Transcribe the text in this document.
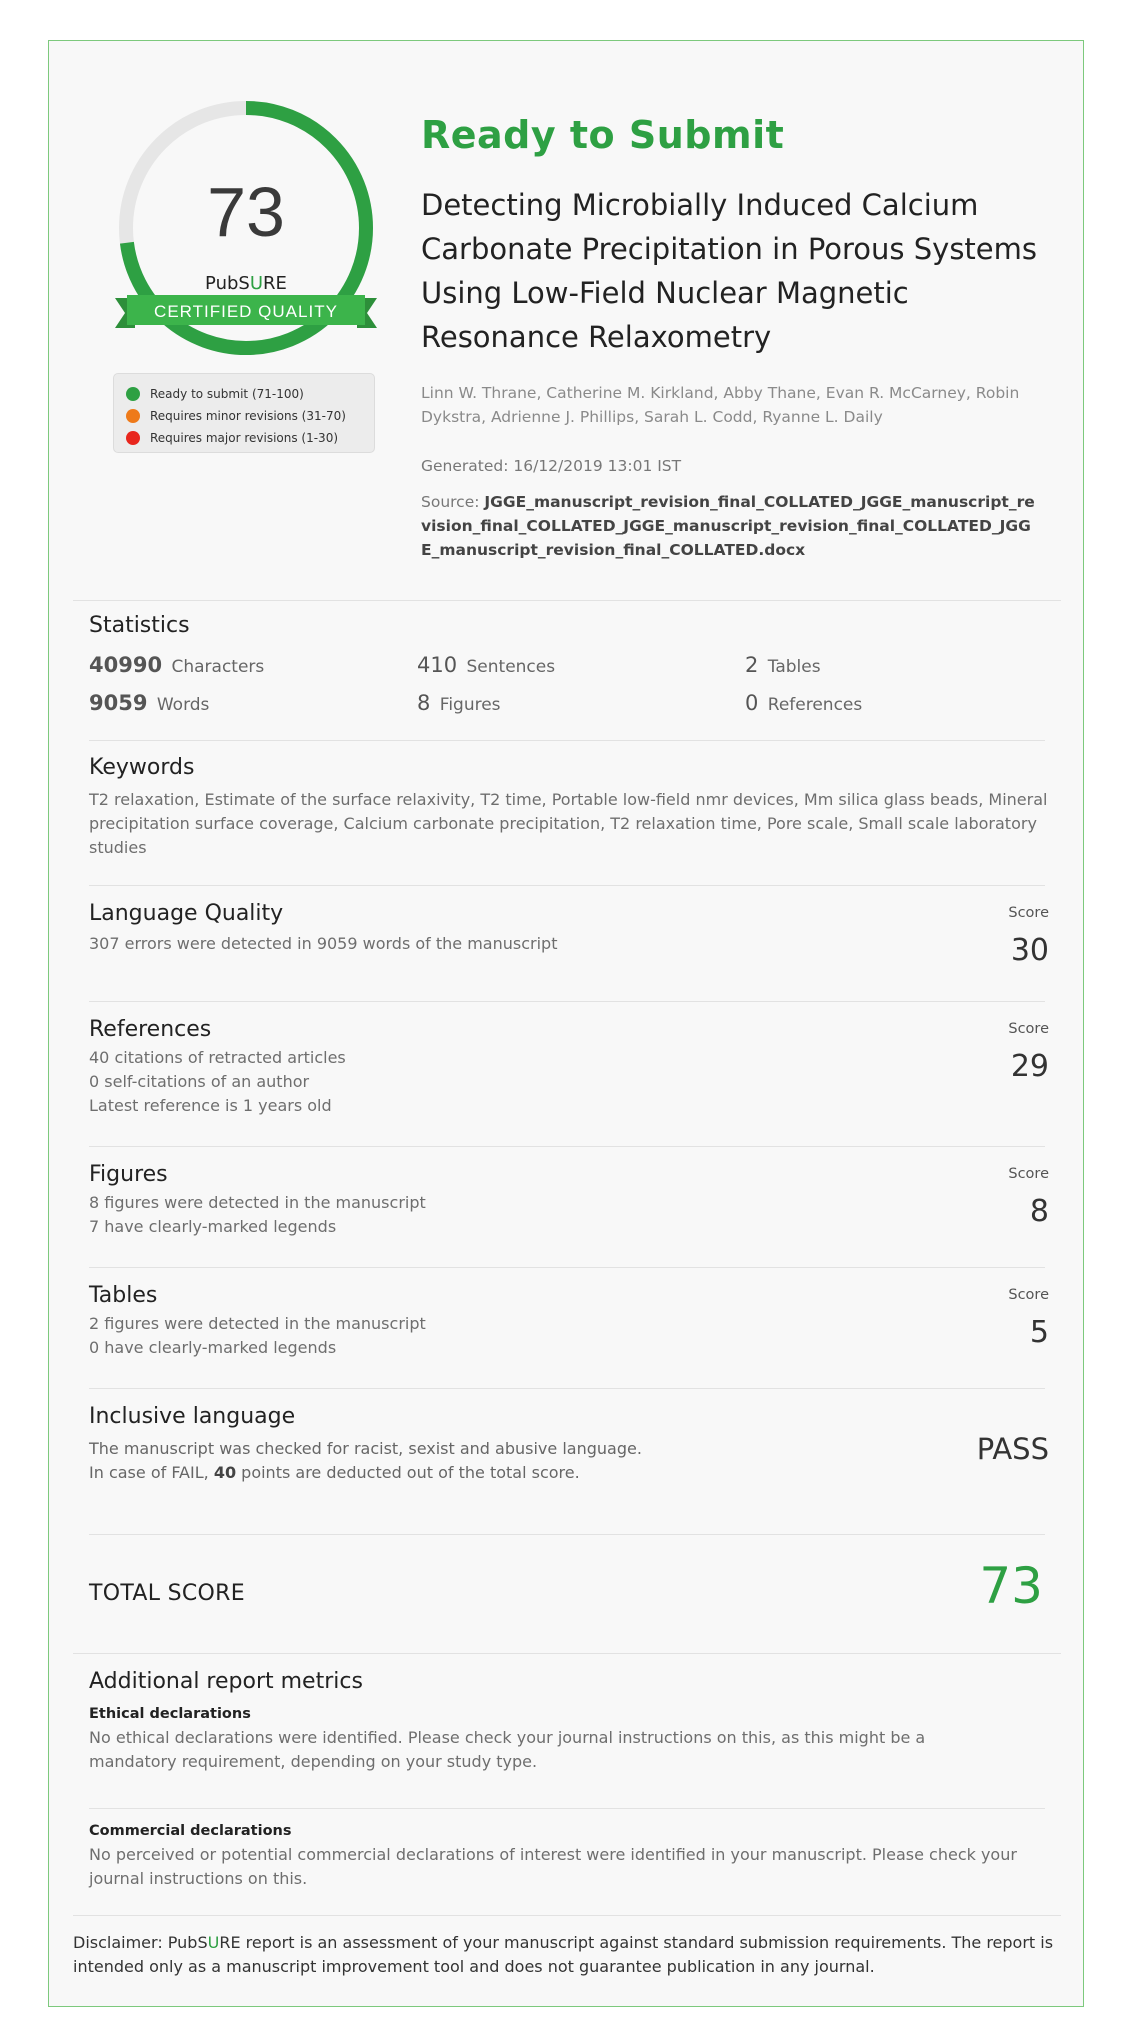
73
PubSURE
CERTIFIED QUALITY
Ready to submit (71-100)
Requires minor revisions (31-70)
Requires major revisions (1-30)
Ready to Submit
Detecting Microbially Induced Calcium Carbonate Precipitation in Porous Systems Using Low-Field Nuclear Magnetic Resonance Relaxometry
Linn W. Thrane, Catherine M. Kirkland, Abby Thane, Evan R. McCarney, Robin Dykstra, Adrienne J. Phillips, Sarah L. Codd, Ryanne L. Daily
Generated: 16/12/2019 13:01 IST
Source: JGGE_manuscript_revision_final_COLLATED_JGGE_manuscript_revision_final_COLLATED_JGGE_manuscript_revision_final_COLLATED_JGGE_manuscript_revision_final_COLLATED.docx
Statistics
40990 Characters
9059 Words
410 Sentences
8 Figures
2 Tables
0 References
Keywords
T2 relaxation, Estimate of the surface relaxivity, T2 time, Portable low-field nmr devices, Mm silica glass beads, Mineral precipitation surface coverage, Calcium carbonate precipitation, T2 relaxation time, Pore scale, Small scale laboratory studies
Language Quality
307 errors were detected in 9059 words of the manuscript
Score
30
References
40 citations of retracted articles
0 self-citations of an author
Latest reference is 1 years old
Score
29
Figures
8 figures were detected in the manuscript
7 have clearly-marked legends
Score
8
Tables
2 figures were detected in the manuscript
0 have clearly-marked legends
Score
5
Inclusive language
The manuscript was checked for racist, sexist and abusive language. In case of FAIL, 40 points are deducted out of the total score.
PASS
TOTAL SCORE	73
Additional report metrics
Ethical declarations
No ethical declarations were identified. Please check your journal instructions on this, as this might be a mandatory requirement, depending on your study type.
Commercial declarations
No perceived or potential commercial declarations of interest were identified in your manuscript. Please check your journal instructions on this.
Disclaimer: PubSURE report is an assessment of your manuscript against standard submission requirements. The report is intended only as a manuscript improvement tool and does not guarantee publication in any journal.
